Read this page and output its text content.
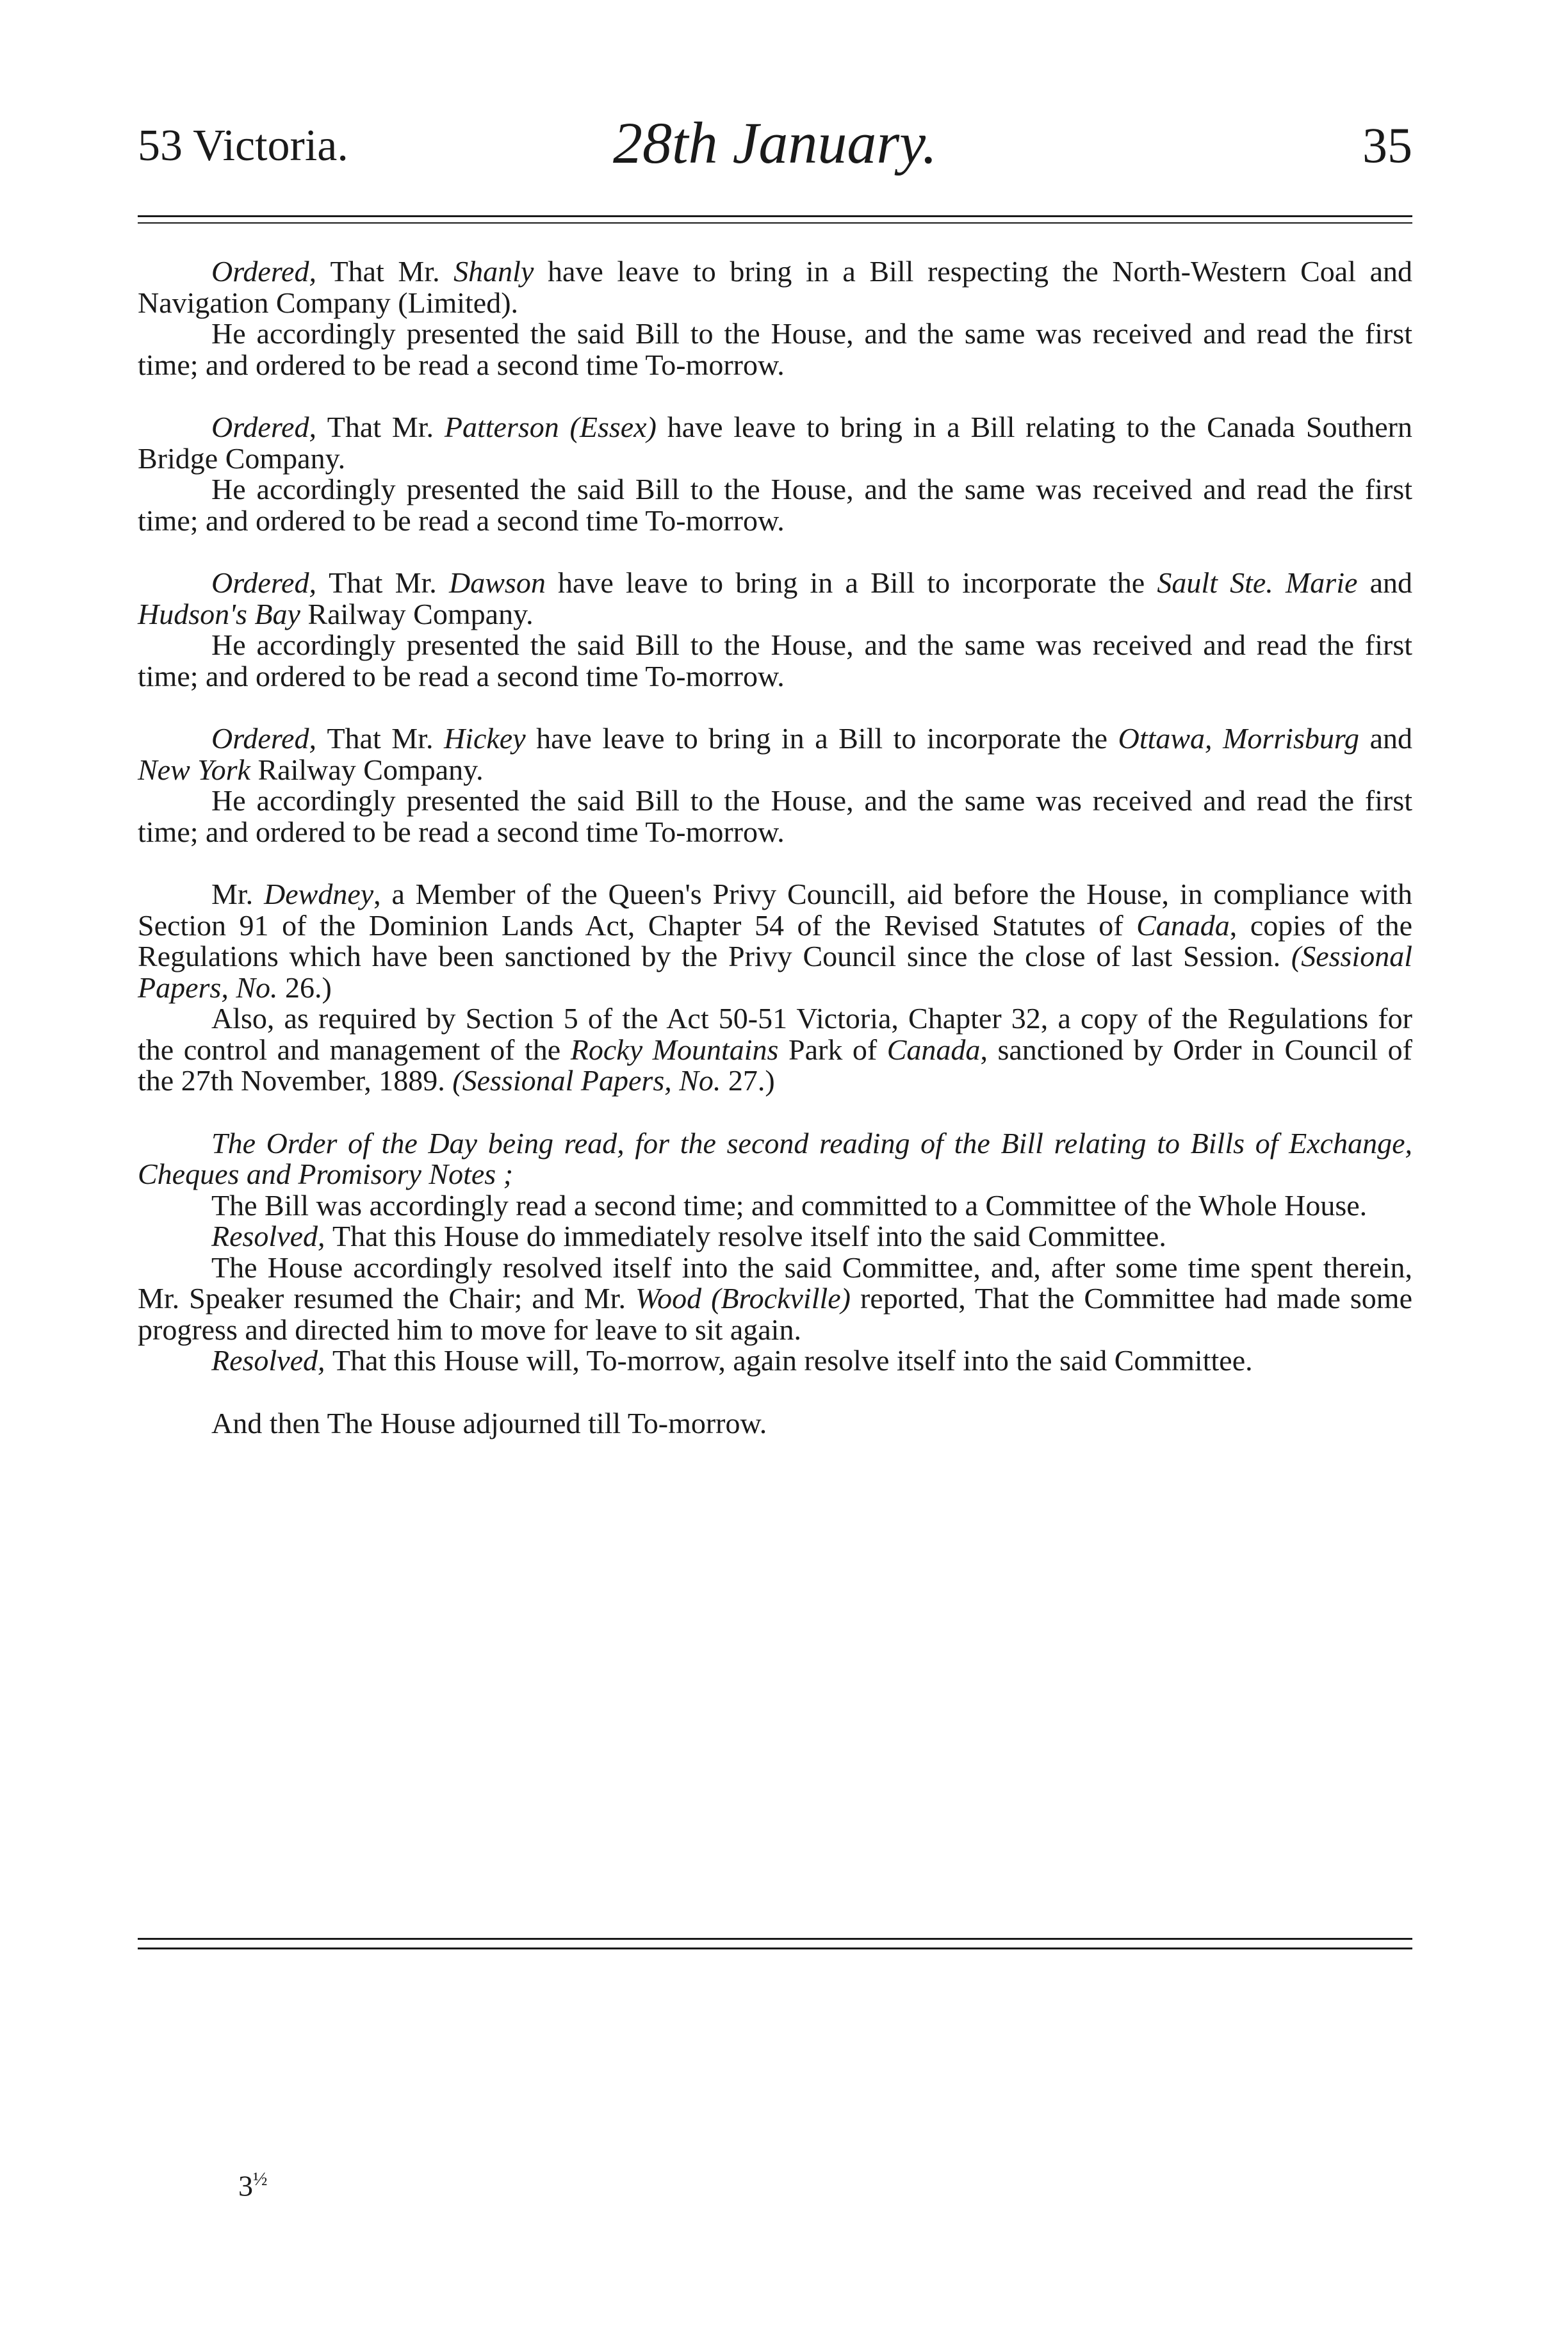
53 Victoria.	28th January.	35

Ordered, That Mr. Shanly have leave to bring in a Bill respecting the North-Western Coal and Navigation Company (Limited).

He accordingly presented the said Bill to the House, and the same was received and read the first time; and ordered to be read a second time To-morrow.

Ordered, That Mr. Patterson (Essex) have leave to bring in a Bill relating to the Canada Southern Bridge Company.

He accordingly presented the said Bill to the House, and the same was received and read the first time; and ordered to be read a second time To-morrow.

Ordered, That Mr. Dawson have leave to bring in a Bill to incorporate the Sault Ste. Marie and Hudson's Bay Railway Company.

He accordingly presented the said Bill to the House, and the same was received and read the first time; and ordered to be read a second time To-morrow.

Ordered, That Mr. Hickey have leave to bring in a Bill to incorporate the Ottawa, Morrisburg and New York Railway Company.

He accordingly presented the said Bill to the House, and the same was received and read the first time; and ordered to be read a second time To-morrow.

Mr. Dewdney, a Member of the Queen's Privy Councill, aid before the House, in compliance with Section 91 of the Dominion Lands Act, Chapter 54 of the Revised Statutes of Canada, copies of the Regulations which have been sanctioned by the Privy Council since the close of last Session. (Sessional Papers, No. 26.)

Also, as required by Section 5 of the Act 50-51 Victoria, Chapter 32, a copy of the Regulations for the control and management of the Rocky Mountains Park of Canada, sanctioned by Order in Council of the 27th November, 1889. (Sessional Papers, No. 27.)

The Order of the Day being read, for the second reading of the Bill relating to Bills of Exchange, Cheques and Promisory Notes ;

The Bill was accordingly read a second time; and committed to a Committee of the Whole House.

Resolved, That this House do immediately resolve itself into the said Committee.

The House accordingly resolved itself into the said Committee, and, after some time spent therein, Mr. Speaker resumed the Chair; and Mr. Wood (Brockville) reported, That the Committee had made some progress and directed him to move for leave to sit again.

Resolved, That this House will, To-morrow, again resolve itself into the said Committee.

And then The House adjourned till To-morrow.

$3^{\frac{1}{2}}$
